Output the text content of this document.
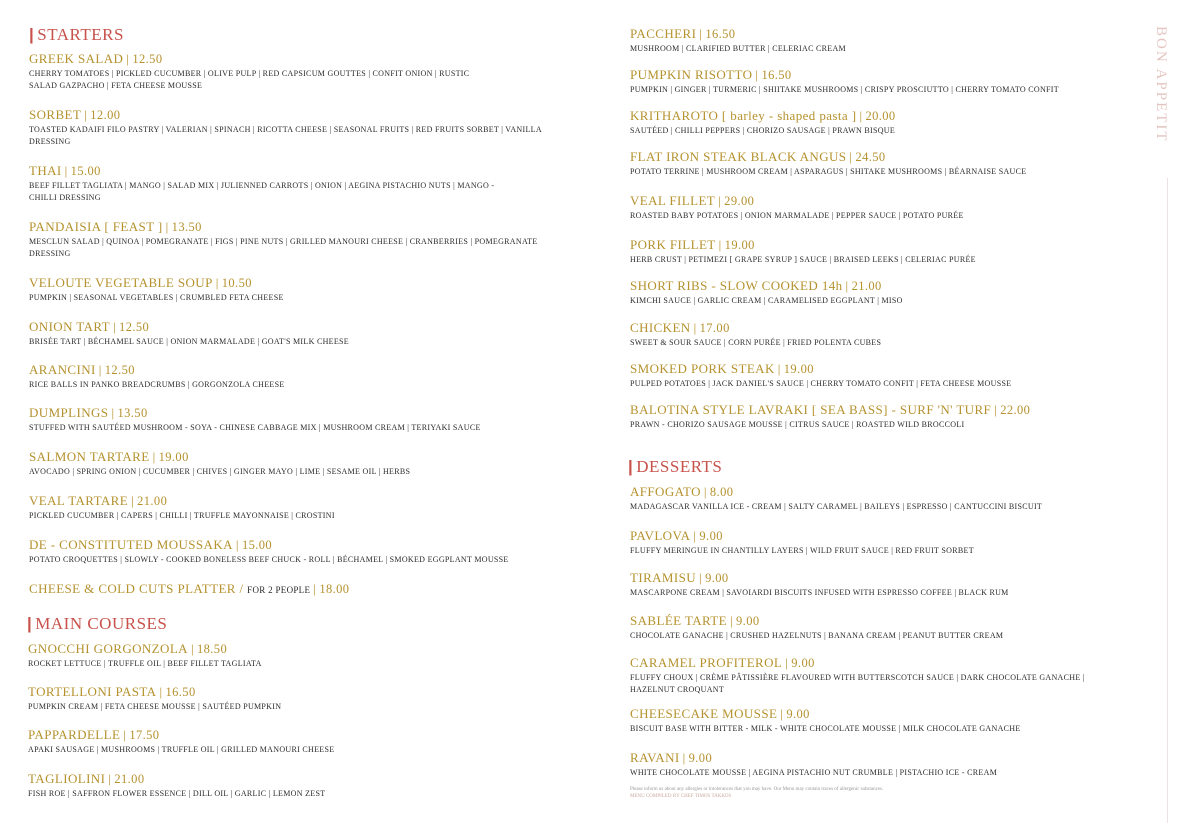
| STARTERS
GREEK SALAD | 12.50
CHERRY TOMATOES | PICKLED CUCUMBER | OLIVE PULP | RED CAPSICUM GOUTTES | CONFIT ONION | RUSTIC SALAD GAZPACHO | FETA CHEESE MOUSSE
SORBET | 12.00
TOASTED KADAIFI FILO PASTRY | VALERIAN | SPINACH | RICOTTA CHEESE | SEASONAL FRUITS | RED FRUITS SORBET | VANILLA DRESSING
THAI | 15.00
BEEF FILLET TAGLIATA | MANGO | SALAD MIX | JULIENNED CARROTS | ONION | AEGINA PISTACHIO NUTS | MANGO - CHILLI DRESSING
PANDAISIA [ FEAST ] | 13.50
MESCLUN SALAD | QUINOA | POMEGRANATE | FIGS | PINE NUTS | GRILLED MANOURI CHEESE | CRANBERRIES | POMEGRANATE DRESSING
VELOUTE VEGETABLE SOUP | 10.50
PUMPKIN | SEASONAL VEGETABLES | CRUMBLED FETA CHEESE
ONION TART | 12.50
BRISÉE TART | BÉCHAMEL SAUCE | ONION MARMALADE | GOAT'S MILK CHEESE
ARANCINI | 12.50
RICE BALLS IN PANKO BREADCRUMBS | GORGONZOLA CHEESE
DUMPLINGS | 13.50
STUFFED WITH SAUTÉED MUSHROOM - SOYA - CHINESE CABBAGE MIX | MUSHROOM CREAM | TERIYAKI SAUCE
SALMON TARTARE | 19.00
AVOCADO | SPRING ONION | CUCUMBER | CHIVES | GINGER MAYO | LIME | SESAME OIL | HERBS
VEAL TARTARE | 21.00
PICKLED CUCUMBER | CAPERS | CHILLI | TRUFFLE MAYONNAISE | CROSTINI
DE - CONSTITUTED MOUSSAKA | 15.00
POTATO CROQUETTES | SLOWLY - COOKED BONELESS BEEF CHUCK - ROLL | BÉCHAMEL | SMOKED EGGPLANT MOUSSE
CHEESE & COLD CUTS PLATTER / FOR 2 PEOPLE | 18.00
| MAIN COURSES
GNOCCHI GORGONZOLA | 18.50
ROCKET LETTUCE | TRUFFLE OIL | BEEF FILLET TAGLIATA
TORTELLONI PASTA | 16.50
PUMPKIN CREAM | FETA CHEESE MOUSSE | SAUTÉED PUMPKIN
PAPPARDELLE | 17.50
APAKI SAUSAGE | MUSHROOMS | TRUFFLE OIL | GRILLED MANOURI CHEESE
TAGLIOLINI | 21.00
FISH ROE | SAFFRON FLOWER ESSENCE | DILL OIL | GARLIC | LEMON ZEST
PACCHERI | 16.50
MUSHROOM | CLARIFIED BUTTER | CELERIAC CREAM
PUMPKIN RISOTTO | 16.50
PUMPKIN | GINGER | TURMERIC | SHIITAKE MUSHROOMS | CRISPY PROSCIUTTO | CHERRY TOMATO CONFIT
KRITHAROTO [ barley - shaped pasta ] | 20.00
SAUTÉED | CHILLI PEPPERS | CHORIZO SAUSAGE | PRAWN BISQUE
FLAT IRON STEAK BLACK ANGUS | 24.50
POTATO TERRINE | MUSHROOM CREAM | ASPARAGUS | SHITAKE MUSHROOMS | BÉARNAISE SAUCE
VEAL FILLET | 29.00
ROASTED BABY POTATOES | ONION MARMALADE | PEPPER SAUCE | POTATO PURÉE
PORK FILLET | 19.00
HERB CRUST | PETIMEZI [ GRAPE SYRUP ] SAUCE | BRAISED LEEKS | CELERIAC PURÉE
SHORT RIBS - SLOW COOKED 14h | 21.00
KIMCHI SAUCE | GARLIC CREAM | CARAMELISED EGGPLANT | MISO
CHICKEN | 17.00
SWEET & SOUR SAUCE | CORN PURÉE | FRIED POLENTA CUBES
SMOKED PORK STEAK | 19.00
PULPED POTATOES | JACK DANIEL'S SAUCE | CHERRY TOMATO CONFIT | FETA CHEESE MOUSSE
BALOTINA STYLE LAVRAKI [ SEA BASS] - SURF 'N' TURF | 22.00
PRAWN - CHORIZO SAUSAGE MOUSSE | CITRUS SAUCE | ROASTED WILD BROCCOLI
| DESSERTS
AFFOGATO | 8.00
MADAGASCAR VANILLA ICE - CREAM | SALTY CARAMEL | BAILEYS | ESPRESSO | CANTUCCINI BISCUIT
PAVLOVA | 9.00
FLUFFY MERINGUE IN CHANTILLY LAYERS | WILD FRUIT SAUCE | RED FRUIT SORBET
TIRAMISU | 9.00
MASCARPONE CREAM | SAVOIARDI BISCUITS INFUSED WITH ESPRESSO COFFEE | BLACK RUM
SABLÉE TARTE | 9.00
CHOCOLATE GANACHE | CRUSHED HAZELNUTS | BANANA CREAM | PEANUT BUTTER CREAM
CARAMEL PROFITEROL | 9.00
FLUFFY CHOUX | CRÈME PÂTISSIÈRE FLAVOURED WITH BUTTERSCOTCH SAUCE | DARK CHOCOLATE GANACHE | HAZELNUT CROQUANT
CHEESECAKE MOUSSE | 9.00
BISCUIT BASE WITH BITTER - MILK - WHITE CHOCOLATE MOUSSE | MILK CHOCOLATE GANACHE
RAVANI | 9.00
WHITE CHOCOLATE MOUSSE | AEGINA PISTACHIO NUT CRUMBLE | PISTACHIO ICE - CREAM
Please inform us about any allergies or intolerances that you may have. Our Menu may contain traces of allergenic substances.
MENU COMPILED BY CHEF TIMOS TAKKOS
BON APPETIT
